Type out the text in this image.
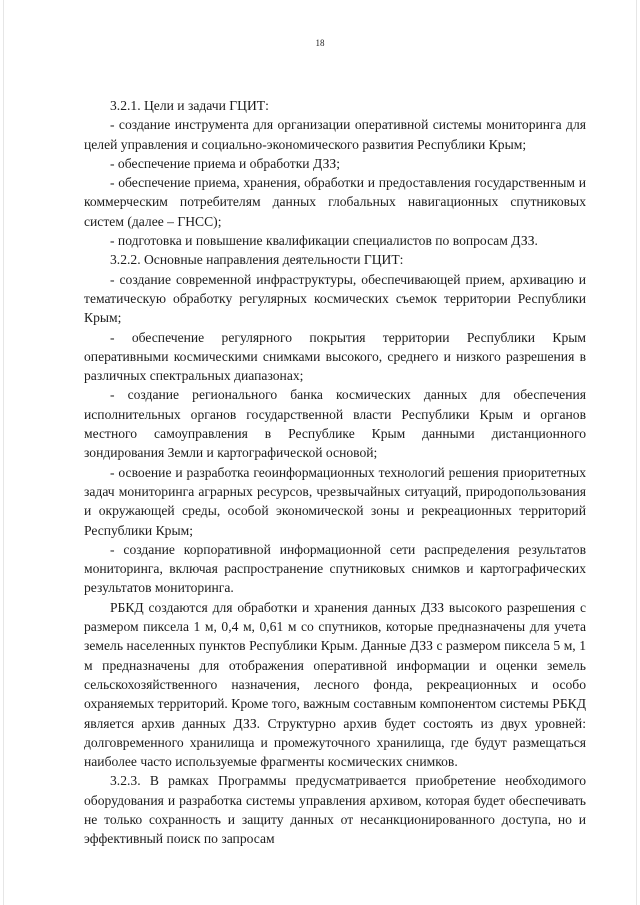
18

3.2.1. Цели и задачи ГЦИТ:

- создание инструмента для организации оперативной системы мониторинга для целей управления и социально-экономического развития Республики Крым;

- обеспечение приема и обработки ДЗЗ;

- обеспечение приема, хранения, обработки и предоставления государственным и коммерческим потребителям данных глобальных навигационных спутниковых систем (далее – ГНСС);

- подготовка и повышение квалификации специалистов по вопросам ДЗЗ.

3.2.2. Основные направления деятельности ГЦИТ:

- создание современной инфраструктуры, обеспечивающей прием, архивацию и тематическую обработку регулярных космических съемок территории Республики Крым;

- обеспечение регулярного покрытия территории Республики Крым оперативными космическими снимками высокого, среднего и низкого разрешения в различных спектральных диапазонах;

- создание регионального банка космических данных для обеспечения исполнительных органов государственной власти Республики Крым и органов местного самоуправления в Республике Крым данными дистанционного зондирования Земли и картографической основой;

- освоение и разработка геоинформационных технологий решения приоритетных задач мониторинга аграрных ресурсов, чрезвычайных ситуаций, природопользования и окружающей среды, особой экономической зоны и рекреационных территорий Республики Крым;

- создание корпоративной информационной сети распределения результатов мониторинга, включая распространение спутниковых снимков и картографических результатов мониторинга.

РБКД создаются для обработки и хранения данных ДЗЗ высокого разрешения с размером пиксела 1 м, 0,4 м, 0,61 м со спутников, которые предназначены для учета земель населенных пунктов Республики Крым. Данные ДЗЗ с размером пиксела 5 м, 1 м предназначены для отображения оперативной информации и оценки земель сельскохозяйственного назначения, лесного фонда, рекреационных и особо охраняемых территорий. Кроме того, важным составным компонентом системы РБКД является архив данных ДЗЗ. Структурно архив будет состоять из двух уровней: долговременного хранилища и промежуточного хранилища, где будут размещаться наиболее часто используемые фрагменты космических снимков.

3.2.3. В рамках Программы предусматривается приобретение необходимого оборудования и разработка системы управления архивом, которая будет обеспечивать не только сохранность и защиту данных от несанкционированного доступа, но и эффективный поиск по запросам
